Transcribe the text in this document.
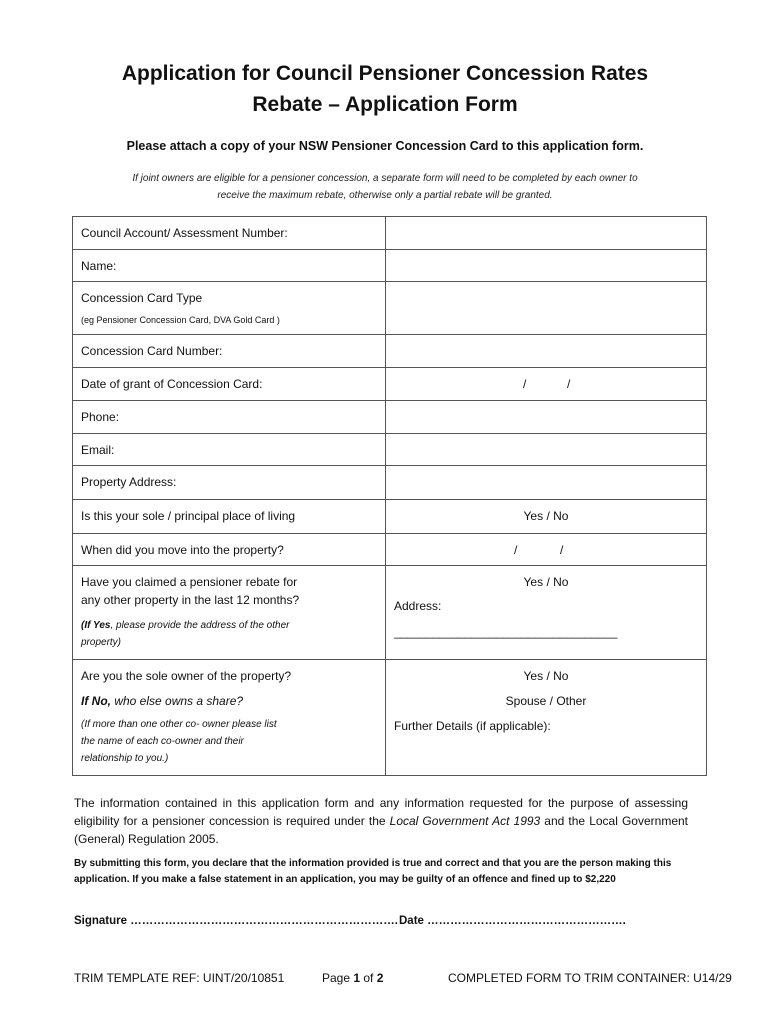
Application for Council Pensioner Concession Rates
Rebate – Application Form
Please attach a copy of your NSW Pensioner Concession Card to this application form.
If joint owners are eligible for a pensioner concession, a separate form will need to be completed by each owner to
receive the maximum rebate, otherwise only a partial rebate will be granted.
Council Account/ Assessment Number:	

Name:	

Concession Card Type
(eg Pensioner Concession Card, DVA Gold Card )	

Concession Card Number:	

Date of grant of Concession Card:	/ /

Phone:	

Email:	

Property Address:	

Is this your sole / principal place of living	Yes / No

When did you move into the property?	/ /

Have you claimed a pensioner rebate for
any other property in the last 12 months?
(If Yes, please provide the address of the other
property)	Yes / No
Address:
___________________________________

Are you the sole owner of the property?
If No, who else owns a share?
(If more than one other co- owner please list
the name of each co-owner and their
relationship to you.)	Yes / No
Spouse / Other
Further Details (if applicable):
The information contained in this application form and any information requested for the purpose of assessing eligibility for a pensioner concession is required under the Local Government Act 1993 and the Local Government (General) Regulation 2005.
By submitting this form, you declare that the information provided is true and correct and that you are the person making this application. If you make a false statement in an application, you may be guilty of an offence and fined up to $2,220
Signature ……………………………………………………………. Date …………………………………………….
TRIM TEMPLATE REF: UINT/20/10851	Page 1 of 2	COMPLETED FORM TO TRIM CONTAINER: U14/29
